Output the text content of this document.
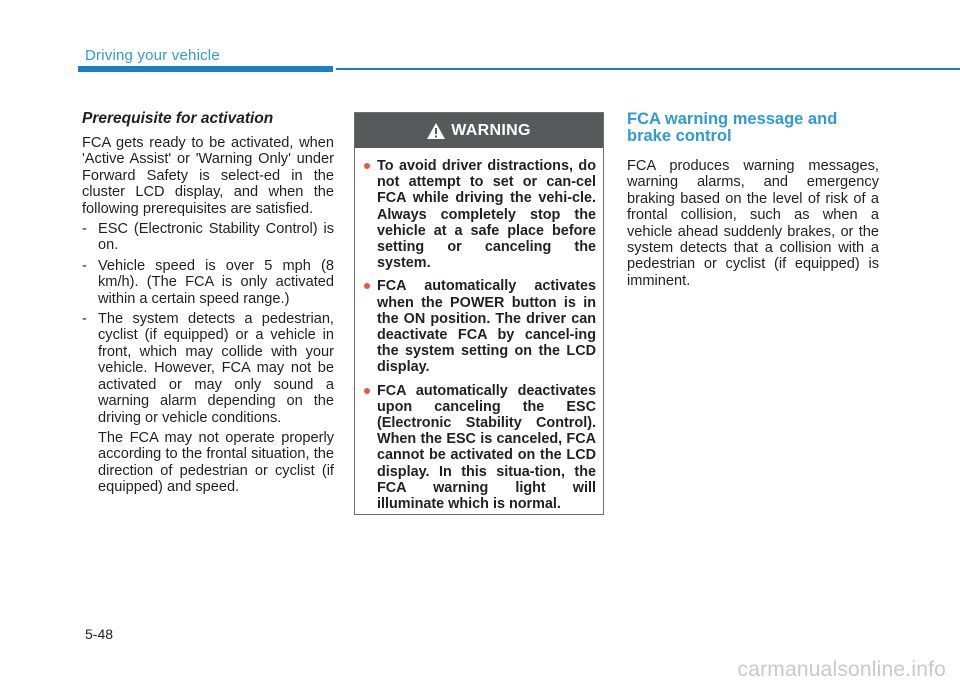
Driving your vehicle
Prerequisite for activation

FCA gets ready to be activated, when 'Active Assist' or 'Warning Only' under Forward Safety is select-ed in the cluster LCD display, and when the following prerequisites are satisfied.

- ESC (Electronic Stability Control) is on.
- Vehicle speed is over 5 mph (8 km/h). (The FCA is only activated within a certain speed range.)
- The system detects a pedestrian, cyclist (if equipped) or a vehicle in front, which may collide with your vehicle. However, FCA may not be activated or may only sound a warning alarm depending on the driving or vehicle conditions.

The FCA may not operate properly according to the frontal situation, the direction of pedestrian or cyclist (if equipped) and speed.

WARNING
To avoid driver distractions, do not attempt to set or can-cel FCA while driving the vehi-cle. Always completely stop the vehicle at a safe place before setting or canceling the system.
FCA automatically activates when the POWER button is in the ON position. The driver can deactivate FCA by cancel-ing the system setting on the LCD display.
FCA automatically deactivates upon canceling the ESC (Electronic Stability Control). When the ESC is canceled, FCA cannot be activated on the LCD display. In this situa-tion, the FCA warning light will illuminate which is normal.
FCA warning message and brake control

FCA produces warning messages, warning alarms, and emergency braking based on the level of risk of a frontal collision, such as when a vehicle ahead suddenly brakes, or the system detects that a collision with a pedestrian or cyclist (if equipped) is imminent.

5-48
carmanualsonline.info
